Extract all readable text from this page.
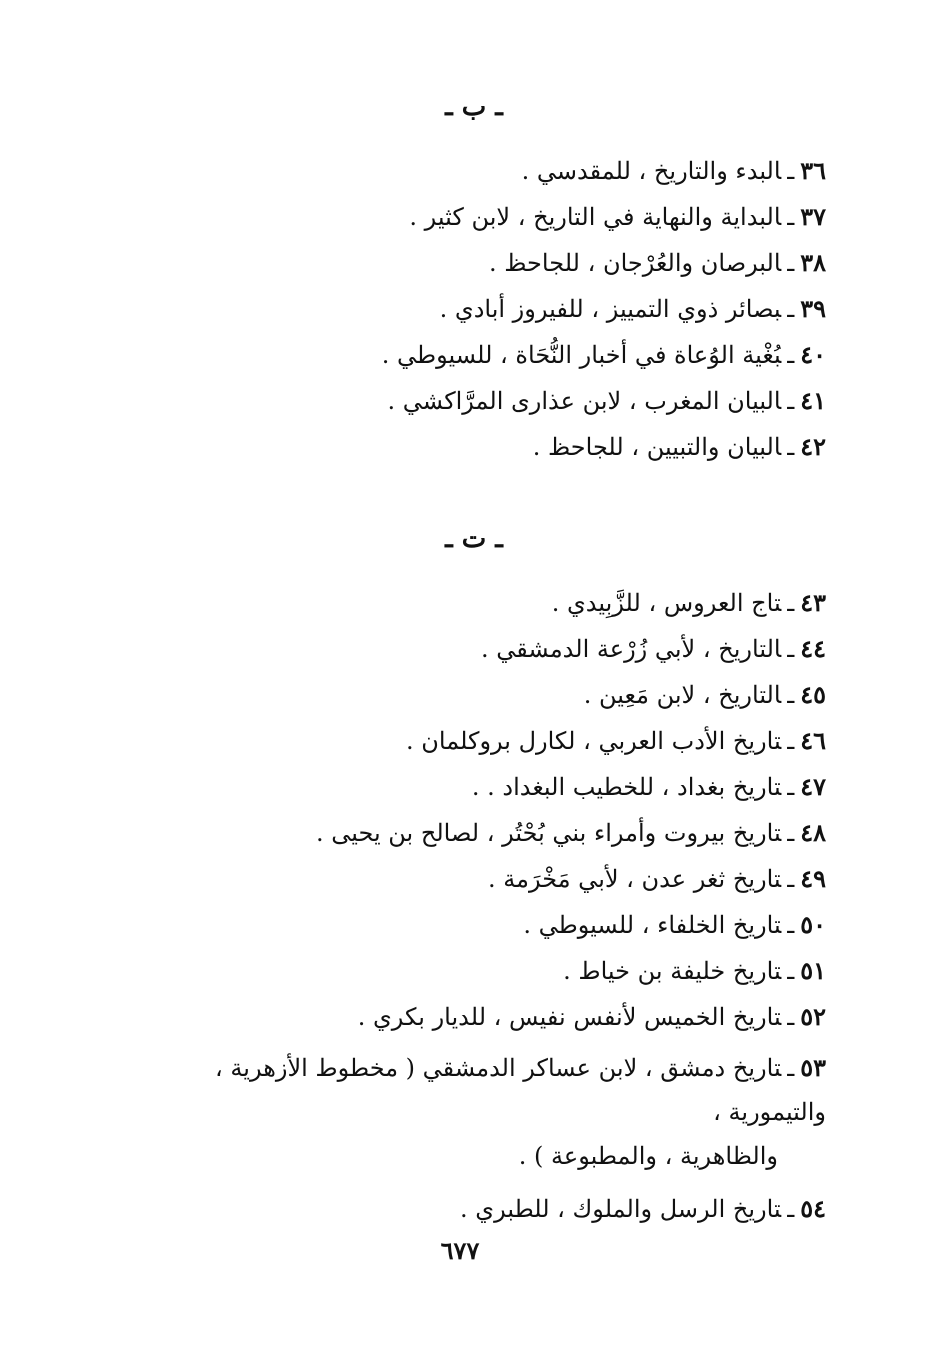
ـ ب ـ
٣٦ـالبدء والتاريخ ، للمقدسي .
٣٧ـالبداية والنهاية في التاريخ ، لابن كثير .
٣٨ـالبرصان والعُرْجان ، للجاحظ .
٣٩ـبصائر ذوي التمييز ، للفيروز أبادي .
٤٠ـبُغْية الوُعاة في أخبار النُّحَاة ، للسيوطي .
٤١ـالبيان المغرب ، لابن عذارى المرَّاكشي .
٤٢ـالبيان والتبيين ، للجاحظ .
ـ ت ـ
٤٣ـتاج العروس ، للزَّبِيدي .
٤٤ـالتاريخ ، لأبي زُرْعة الدمشقي .
٤٥ـالتاريخ ، لابن مَعِين .
٤٦ـتاريخ الأدب العربي ، لكارل بروكلمان .
٤٧ـتاريخ بغداد ، للخطيب البغداد . .
٤٨ـتاريخ بيروت وأمراء بني بُحْتُر ، لصالح بن يحيى .
٤٩ـتاريخ ثغر عدن ، لأبي مَخْرَمة .
٥٠ـتاريخ الخلفاء ، للسيوطي .
٥١ـتاريخ خليفة بن خياط .
٥٢ـتاريخ الخميس لأنفس نفيس ، للديار بكري .
٥٣ـتاريخ دمشق ، لابن عساكر الدمشقي ( مخطوط الأزهرية ، والتيمورية ،
والظاهرية ، والمطبوعة ) .
٥٤ـتاريخ الرسل والملوك ، للطبري .
٦٧٧
